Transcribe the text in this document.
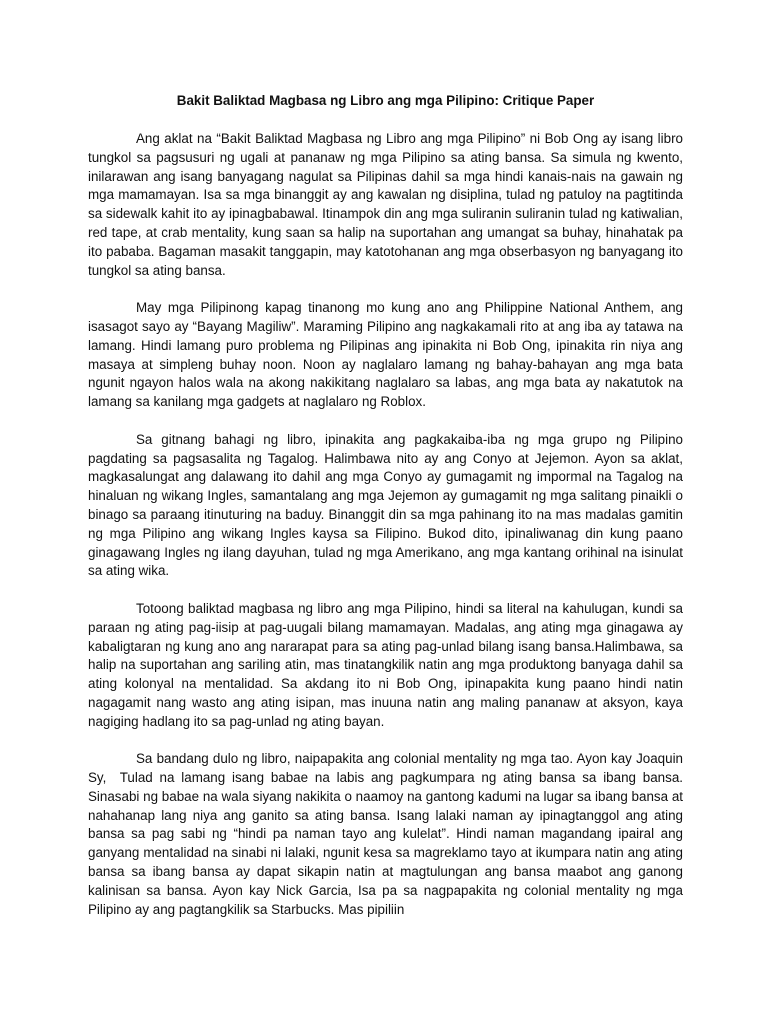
Bakit Baliktad Magbasa ng Libro ang mga Pilipino: Critique Paper

Ang aklat na “Bakit Baliktad Magbasa ng Libro ang mga Pilipino” ni Bob Ong ay isang libro tungkol sa pagsusuri ng ugali at pananaw ng mga Pilipino sa ating bansa. Sa simula ng kwento, inilarawan ang isang banyagang nagulat sa Pilipinas dahil sa mga hindi kanais-nais na gawain ng mga mamamayan. Isa sa mga binanggit ay ang kawalan ng disiplina, tulad ng patuloy na pagtitinda sa sidewalk kahit ito ay ipinagbabawal. Itinampok din ang mga suliranin suliranin tulad ng katiwalian, red tape, at crab mentality, kung saan sa halip na suportahan ang umangat sa buhay, hinahatak pa ito pababa. Bagaman masakit tanggapin, may katotohanan ang mga obserbasyon ng banyagang ito tungkol sa ating bansa.

May mga Pilipinong kapag tinanong mo kung ano ang Philippine National Anthem, ang isasagot sayo ay “Bayang Magiliw”. Maraming Pilipino ang nagkakamali rito at ang iba ay tatawa na lamang. Hindi lamang puro problema ng Pilipinas ang ipinakita ni Bob Ong, ipinakita rin niya ang masaya at simpleng buhay noon. Noon ay naglalaro lamang ng bahay-bahayan ang mga bata ngunit ngayon halos wala na akong nakikitang naglalaro sa labas, ang mga bata ay nakatutok na lamang sa kanilang mga gadgets at naglalaro ng Roblox.

Sa gitnang bahagi ng libro, ipinakita ang pagkakaiba-iba ng mga grupo ng Pilipino pagdating sa pagsasalita ng Tagalog. Halimbawa nito ay ang Conyo at Jejemon. Ayon sa aklat, magkasalungat ang dalawang ito dahil ang mga Conyo ay gumagamit ng impormal na Tagalog na hinaluan ng wikang Ingles, samantalang ang mga Jejemon ay gumagamit ng mga salitang pinaikli o binago sa paraang itinuturing na baduy. Binanggit din sa mga pahinang ito na mas madalas gamitin ng mga Pilipino ang wikang Ingles kaysa sa Filipino. Bukod dito, ipinaliwanag din kung paano ginagawang Ingles ng ilang dayuhan, tulad ng mga Amerikano, ang mga kantang orihinal na isinulat sa ating wika.

Totoong baliktad magbasa ng libro ang mga Pilipino, hindi sa literal na kahulugan, kundi sa paraan ng ating pag-iisip at pag-uugali bilang mamamayan. Madalas, ang ating mga ginagawa ay kabaligtaran ng kung ano ang nararapat para sa ating pag-unlad bilang isang bansa.Halimbawa, sa halip na suportahan ang sariling atin, mas tinatangkilik natin ang mga produktong banyaga dahil sa ating kolonyal na mentalidad. Sa akdang ito ni Bob Ong, ipinapakita kung paano hindi natin nagagamit nang wasto ang ating isipan, mas inuuna natin ang maling pananaw at aksyon, kaya nagiging hadlang ito sa pag-unlad ng ating bayan.

Sa bandang dulo ng libro, naipapakita ang colonial mentality ng mga tao. Ayon kay Joaquin Sy,  Tulad na lamang isang babae na labis ang pagkumpara ng ating bansa sa ibang bansa. Sinasabi ng babae na wala siyang nakikita o naamoy na gantong kadumi na lugar sa ibang bansa at nahahanap lang niya ang ganito sa ating bansa. Isang lalaki naman ay ipinagtanggol ang ating bansa sa pag sabi ng “hindi pa naman tayo ang kulelat”. Hindi naman magandang ipairal ang ganyang mentalidad na sinabi ni lalaki, ngunit kesa sa magreklamo tayo at ikumpara natin ang ating bansa sa ibang bansa ay dapat sikapin natin at magtulungan ang bansa maabot ang ganong kalinisan sa bansa. Ayon kay Nick Garcia, Isa pa sa nagpapakita ng colonial mentality ng mga Pilipino ay ang pagtangkilik sa Starbucks. Mas pipiliin
